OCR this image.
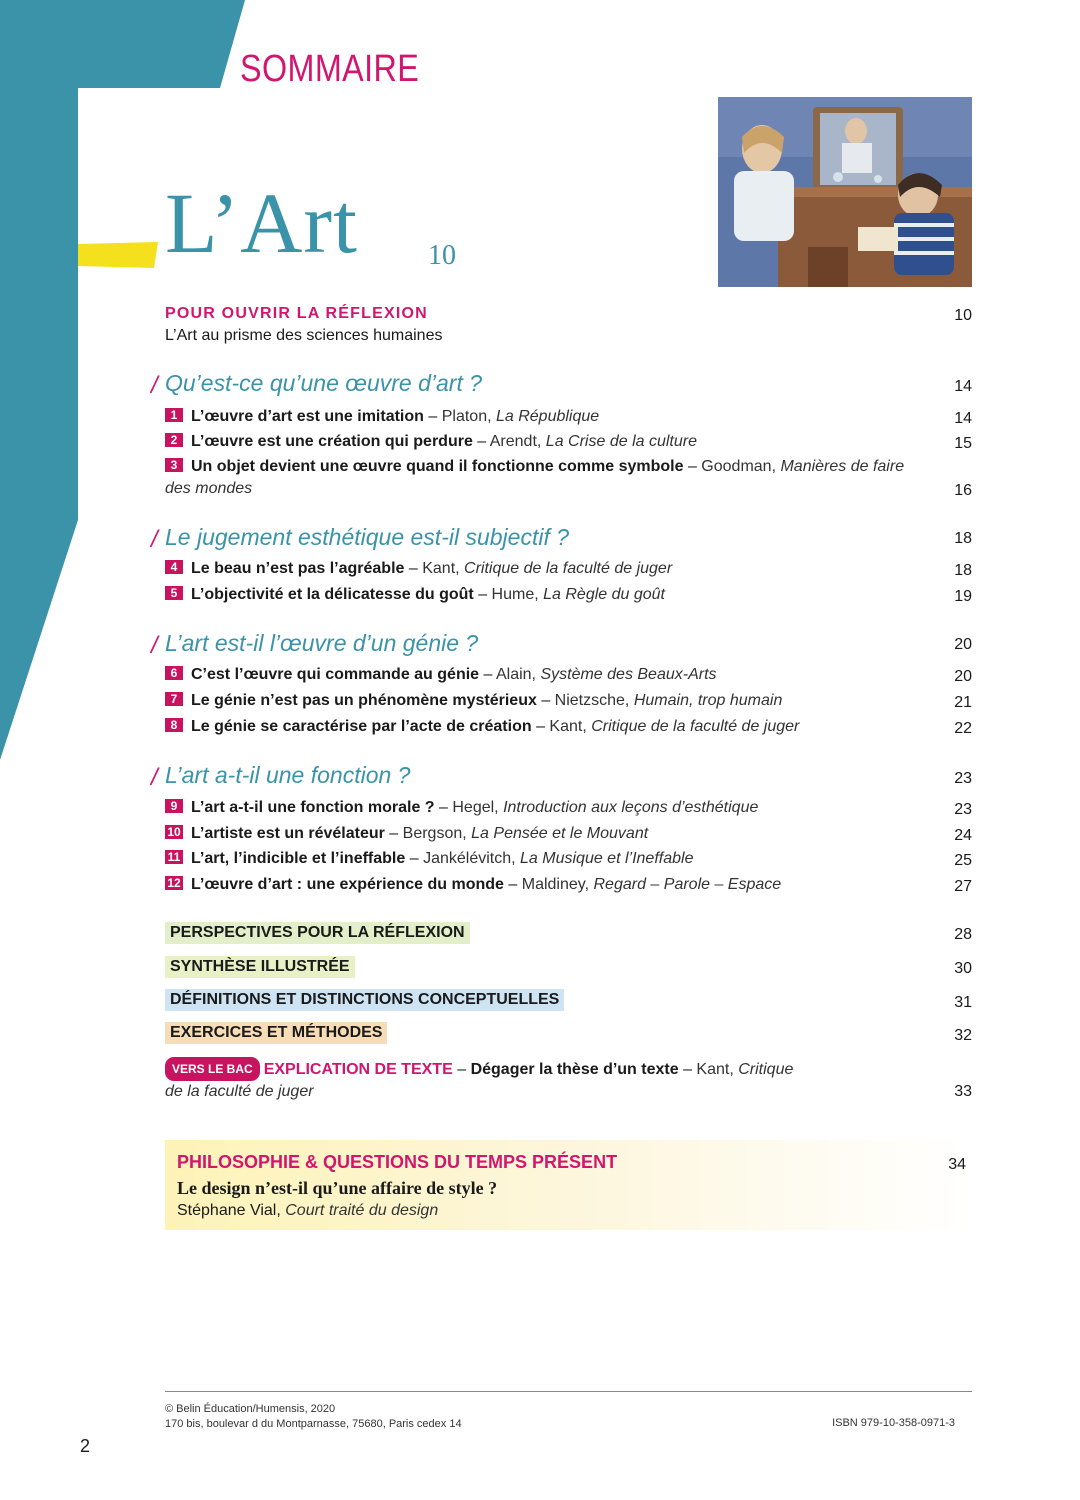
SOMMAIRE
L’Art	10
POUR OUVRIR LA RÉFLEXION
L’Art au prisme des sciences humaines
10
/ Qu’est-ce qu’une œuvre d’art ?	14
1 L’œuvre d’art est une imitation – Platon, La République	14
2 L’œuvre est une création qui perdure – Arendt, La Crise de la culture	15
3 Un objet devient une œuvre quand il fonctionne comme symbole – Goodman, Manières de faire
des mondes	16
/ Le jugement esthétique est-il subjectif ?	18
4 Le beau n’est pas l’agréable – Kant, Critique de la faculté de juger	18
5 L’objectivité et la délicatesse du goût – Hume, La Règle du goût	19
/ L’art est-il l’œuvre d’un génie ?	20
6 C’est l’œuvre qui commande au génie – Alain, Système des Beaux-Arts	20
7 Le génie n’est pas un phénomène mystérieux – Nietzsche, Humain, trop humain	21
8 Le génie se caractérise par l’acte de création – Kant, Critique de la faculté de juger	22
/ L’art a-t-il une fonction ?	23
9 L’art a-t-il une fonction morale ? – Hegel, Introduction aux leçons d’esthétique	23
10 L’artiste est un révélateur – Bergson, La Pensée et le Mouvant	24
11 L’art, l’indicible et l’ineffable – Jankélévitch, La Musique et l’Ineffable	25
12 L’œuvre d’art : une expérience du monde – Maldiney, Regard – Parole – Espace	27
PERSPECTIVES POUR LA RÉFLEXION	28
SYNTHÈSE ILLUSTRÉE	30
DÉFINITIONS ET DISTINCTIONS CONCEPTUELLES	31
EXERCICES ET MÉTHODES	32
VERS LE BAC EXPLICATION DE TEXTE – Dégager la thèse d’un texte – Kant, Critique
de la faculté de juger	33
PHILOSOPHIE & QUESTIONS DU TEMPS PRÉSENT
Le design n’est-il qu’une affaire de style ?
Stéphane Vial, Court traité du design
34
© Belin Éducation/Humensis, 2020
170 bis, boulevar d du Montparnasse, 75680, Paris cedex 14	ISBN 979-10-358-0971-3
2
